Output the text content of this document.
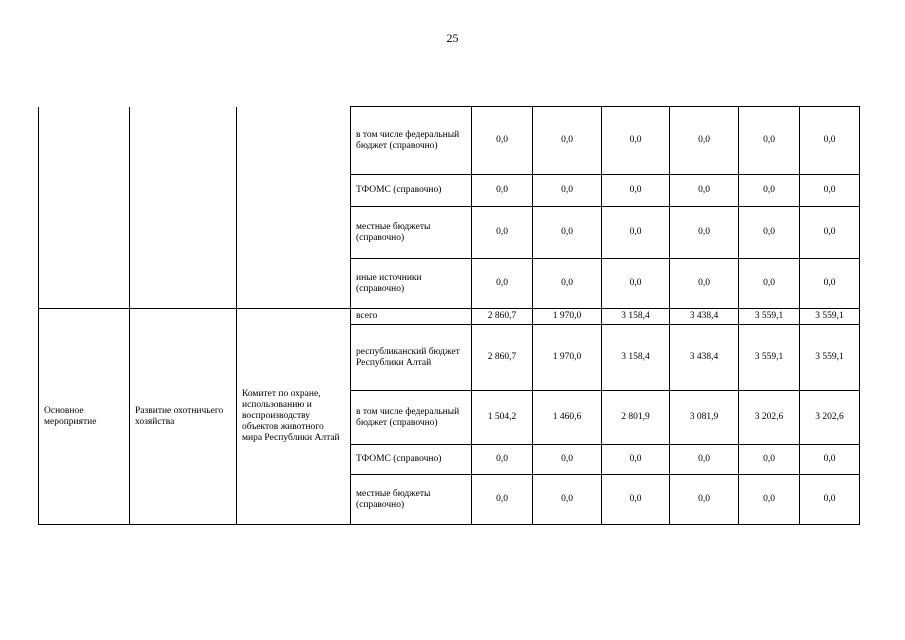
25
			в том числе федеральный бюджет (справочно)	0,0	0,0	0,0	0,0	0,0	0,0
			ТФОМС (справочно)	0,0	0,0	0,0	0,0	0,0	0,0
			местные бюджеты (справочно)	0,0	0,0	0,0	0,0	0,0	0,0
			иные источники (справочно)	0,0	0,0	0,0	0,0	0,0	0,0
Основное мероприятие	Развитие охотничьего хозяйства	Комитет по охране, использованию и воспроизводству объектов животного мира Республики Алтай	всего	2 860,7	1 970,0	3 158,4	3 438,4	3 559,1	3 559,1
			республиканский бюджет Республики Алтай	2 860,7	1 970,0	3 158,4	3 438,4	3 559,1	3 559,1
			в том числе федеральный бюджет (справочно)	1 504,2	1 460,6	2 801,9	3 081,9	3 202,6	3 202,6
			ТФОМС (справочно)	0,0	0,0	0,0	0,0	0,0	0,0
			местные бюджеты (справочно)	0,0	0,0	0,0	0,0	0,0	0,0
